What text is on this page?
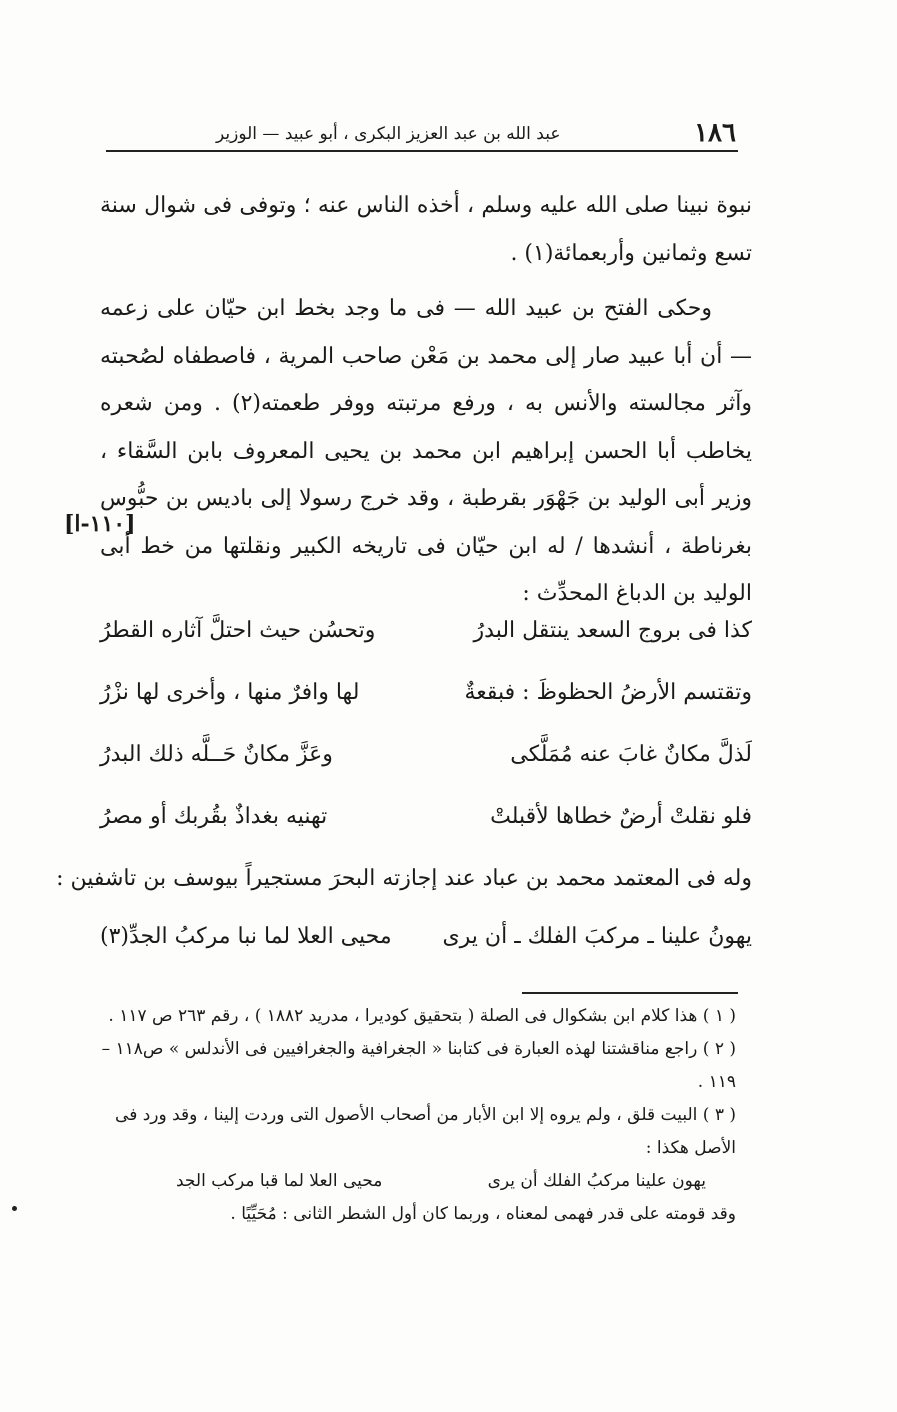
١٨٦
عبد الله بن عبد العزيز البكرى ، أبو عبيد — الوزير

نبوة نبينا صلى الله عليه وسلم ، أخذه الناس عنه ؛ وتوفى فى شوال سنة تسع وثمانين وأربعمائة(١) .

وحكى الفتح بن عبيد الله — فى ما وجد بخط ابن حيّان على زعمه — أن أبا عبيد صار إلى محمد بن مَعْن صاحب المرية ، فاصطفاه لصُحبته وآثر مجالسته والأنس به ، ورفع مرتبته ووفر طعمته(٢) . ومن شعره يخاطب أبا الحسن إبراهيم ابن محمد بن يحيى المعروف بابن السَّقاء ، وزير أبى الوليد بن جَهْوَر بقرطبة ، وقد خرج رسولا إلى باديس بن حبُّوس بغرناطة ، أنشدها / له ابن حيّان فى تاريخه الكبير ونقلتها من خط أبى الوليد بن الدباغ المحدِّث :

[١١٠-ا]
كذا فى بروج السعد ينتقل البدرُ
وتحسُن حيث احتلَّ آثاره القطرُ
وتقتسم الأرضُ الحظوظَ : فبقعةٌ
لها وافرٌ منها ، وأخرى لها نزْرُ
لَذلَّ مكانٌ غابَ عنه مُمَلَّكى
وعَزَّ مكانٌ حَــلَّه ذلك البدرُ
فلو نقلتْ أرضٌ خطاها لأقبلتْ
تهنيه بغداذٌ بقُربك أو مصرُ
وله فى المعتمد محمد بن عباد عند إجازته البحرَ مستجيراً بيوسف بن تاشفين :
يهونُ علينا ـ مركبَ الفلك ـ أن يرى
محيى العلا لما نبا مركبُ الجدِّ(٣)

( ١ ) هذا كلام ابن بشكوال فى الصلة ( بتحقيق كوديرا ، مدريد ١٨٨٢ ) ، رقم ٢٦٣ ص ١١٧ .

( ٢ ) راجع مناقشتنا لهذه العبارة فى كتابنا « الجغرافية والجغرافيين فى الأندلس » ص١١٨ – ١١٩ .

( ٣ ) البيت قلق ، ولم يروه إلا ابن الأبار من أصحاب الأصول التى وردت إلينا ، وقد ورد فى الأصل هكذا :

يهون علينا مركبُ الفلك أن يرى
محيى العلا لما قبا مركب الجد

وقد قومته على قدر فهمى لمعناه ، وربما كان أول الشطر الثانى : مُحَيِّيًا .
